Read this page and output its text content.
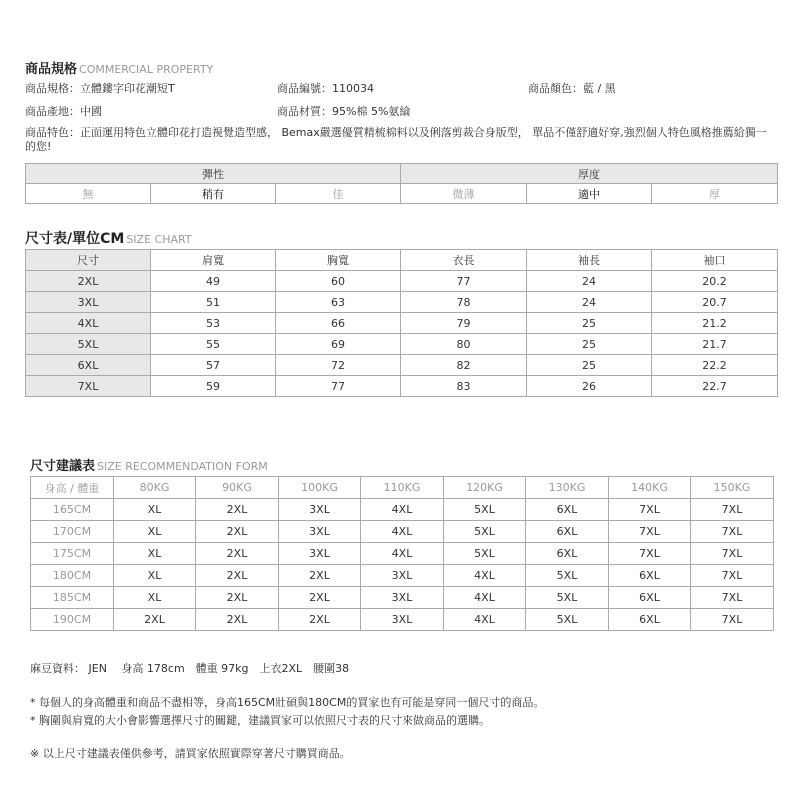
商品規格 COMMERCIAL PROPERTY
商品規格：立體鏤字印花潮短T	商品編號：110034	商品顏色：藍 / 黑
商品產地：中國	商品材質：95%棉 5%氨綸
商品特色：正面運用特色立體印花打造視覺造型感， Bemax嚴選優質精梳棉料以及俐落剪裁合身版型， 單品不僅舒適好穿,強烈個人特色風格推薦給獨一的您!
彈性			厚度		
無	稍有	佳	微薄	適中	厚
尺寸表/單位CM SIZE CHART
尺寸	肩寬	胸寬	衣長	袖長	袖口
2XL	49	60	77	24	20.2
3XL	51	63	78	24	20.7
4XL	53	66	79	25	21.2
5XL	55	69	80	25	21.7
6XL	57	72	82	25	22.2
7XL	59	77	83	26	22.7
尺寸建議表 SIZE RECOMMENDATION FORM
身高 / 體重	80KG	90KG	100KG	110KG	120KG	130KG	140KG	150KG
165CM	XL	2XL	3XL	4XL	5XL	6XL	7XL	7XL
170CM	XL	2XL	3XL	4XL	5XL	6XL	7XL	7XL
175CM	XL	2XL	3XL	4XL	5XL	6XL	7XL	7XL
180CM	XL	2XL	2XL	3XL	4XL	5XL	6XL	7XL
185CM	XL	2XL	2XL	3XL	4XL	5XL	6XL	7XL
190CM	2XL	2XL	2XL	3XL	4XL	5XL	6XL	7XL
麻豆資料： JEN 　身高 178cm　體重 97kg　上衣2XL　腰圍38
* 每個人的身高體重和商品不盡相等，身高165CM壯碩與180CM的買家也有可能是穿同一個尺寸的商品。
* 胸圍與肩寬的大小會影響選擇尺寸的關鍵，建議買家可以依照尺寸表的尺寸來做商品的選購。
※ 以上尺寸建議表僅供參考，請買家依照實際穿著尺寸購買商品。
